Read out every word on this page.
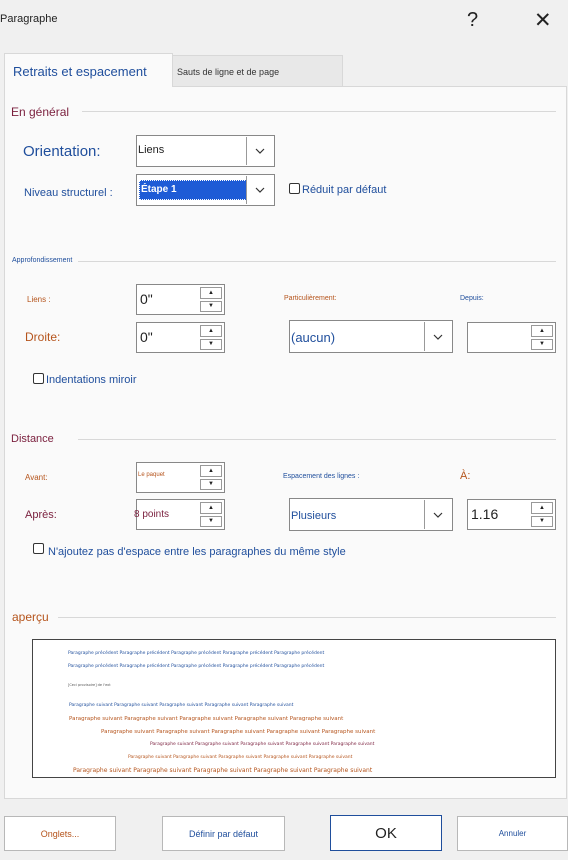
Paragraphe	?	✕
Sauts de ligne et de page
Retraits et espacement
En général
Orientation:	Liens
Niveau structurel :	Étape 1	Réduit par défaut
Approfondissement
Liens :	0"	▲
▼
Droite:	0"	▲
▼
Particulièrement:
(aucun)
Depuis:
▲
▼
Indentations miroir
Distance
Avant:	Le paquet
▲
▼
Après:	8 points
▲
▼
Espacement des lignes :
Plusieurs
À:
1.16	▲
▼
N'ajoutez pas d'espace entre les paragraphes du même style
aperçu
Paragraphe précédent Paragraphe précédent Paragraphe précédent Paragraphe précédent Paragraphe précédent
Paragraphe précédent Paragraphe précédent Paragraphe précédent Paragraphe précédent Paragraphe précédent
[Ceci provisoire] de l'ext
Paragraphe suivant Paragraphe suivant Paragraphe suivant Paragraphe suivant Paragraphe suivant
Paragraphe suivant Paragraphe suivant Paragraphe suivant Paragraphe suivant Paragraphe suivant
Paragraphe suivant Paragraphe suivant Paragraphe suivant Paragraphe suivant Paragraphe suivant
Paragraphe suivant Paragraphe suivant Paragraphe suivant Paragraphe suivant Paragraphe suivant
Paragraphe suivant Paragraphe suivant Paragraphe suivant Paragraphe suivant Paragraphe suivant
Paragraphe suivant Paragraphe suivant Paragraphe suivant Paragraphe suivant Paragraphe suivant
Onglets...	Définir par défaut	OK	Annuler
